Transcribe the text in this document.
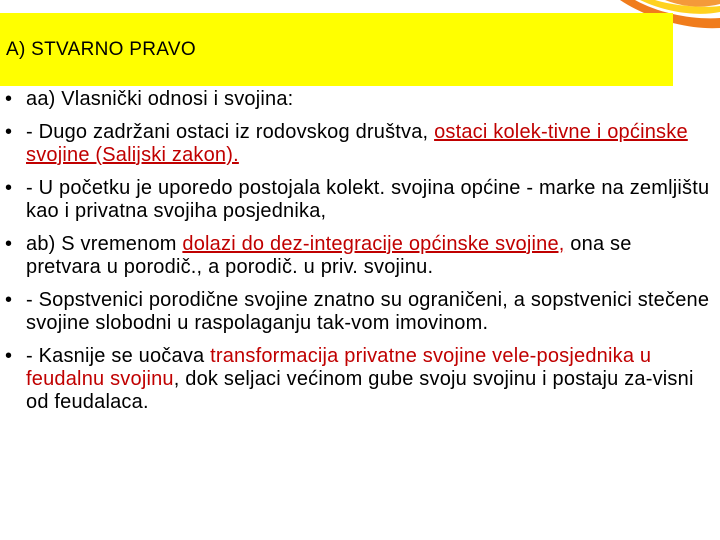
A) STVARNO PRAVO
• aa) Vlasnički odnosi i svojina:
• - Dugo zadržani ostaci iz rodovskog društva, ostaci kolek-tivne i općinske svojine (Salijski zakon).
• - U početku je uporedo postojala kolekt. svojina općine - marke na zemljištu kao i privatna svojiha posjednika,
• ab) S vremenom dolazi do dez-integracije općinske svojine, ona se pretvara u porodič., a porodič. u priv. svojinu.
• - Sopstvenici porodične svojine znatno su ograničeni, a sopstvenici stečene svojine slobodni u raspolaganju tak-vom imovinom.
• - Kasnije se uočava transformacija privatne svojine vele-posjednika u feudalnu svojinu, dok seljaci većinom gube svoju svojinu i postaju za-visni od feudalaca.
